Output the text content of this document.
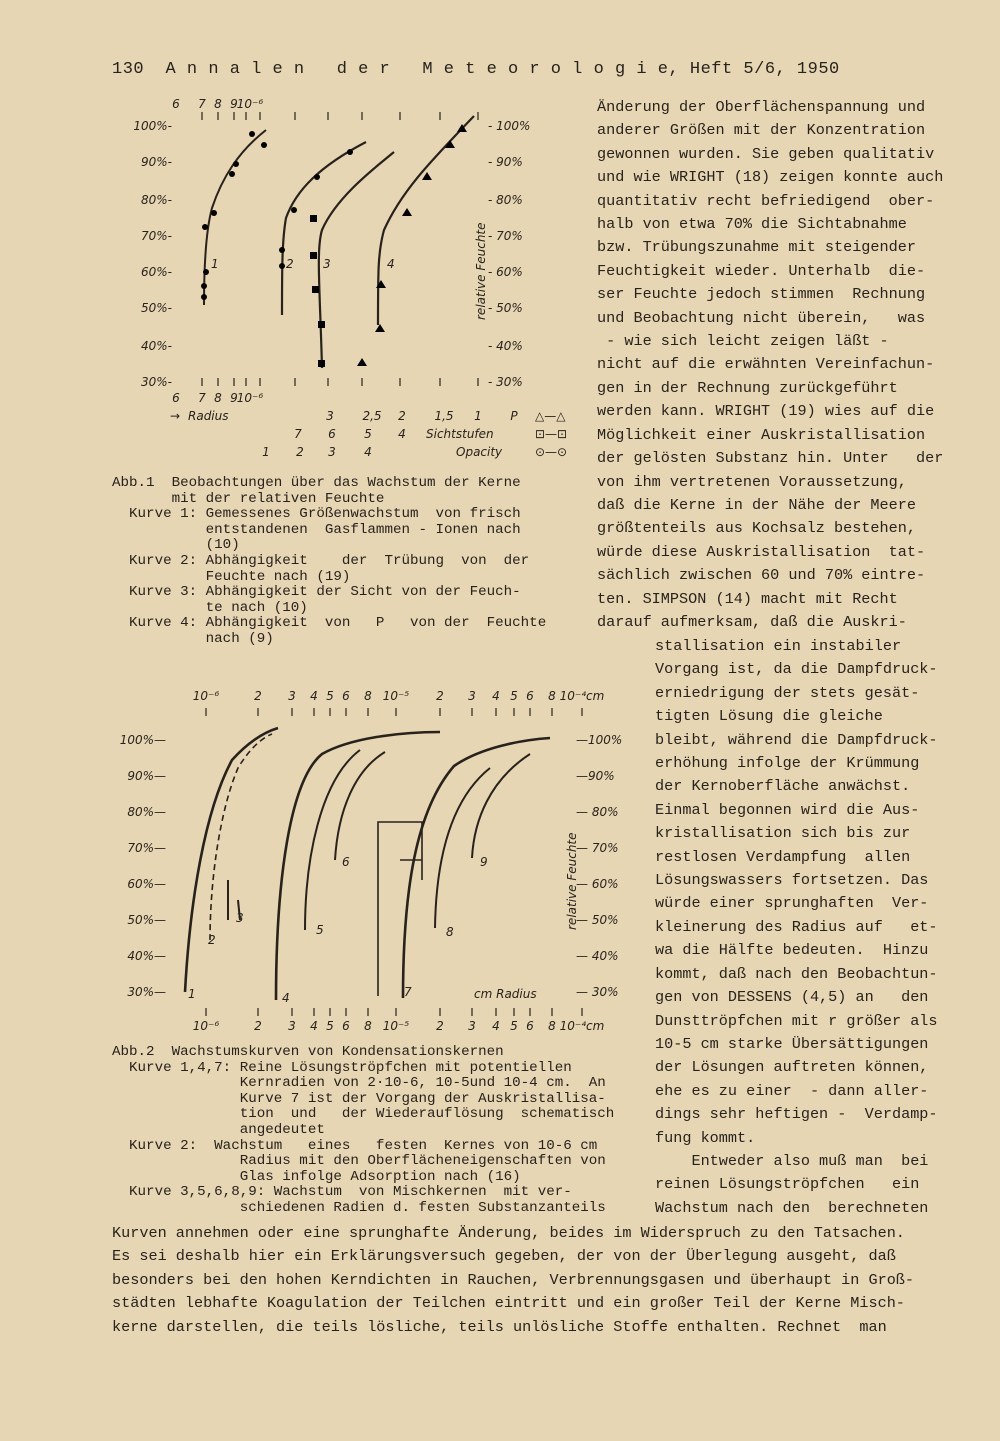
130 A n n a l e n   d e r   M e t e o r o l o g i e, Heft 5/6, 1950
100%-
90%-
80%-
70%-
60%-
50%-
40%-
30%-
- 100%
- 90%
- 80%
- 70%
- 60%
- 50%
- 40%
- 30%
6 7 8 9
10⁻⁶
6 7 8 9
10⁻⁶
1	2 3	4	relative Feuchte
→ Radius	3 2,5 2 1,5 1 P △—△
7 6 5 4 Sichtstufen	⊡—⊡
1 2 3 4	Opacity	⊙—⊙
Abb.1  Beobachtungen über das Wachstum der Kerne
mit der relativen Feuchte
Kurve 1: Gemessenes Größenwachstum  von frisch
entstandenen  Gasflammen - Ionen nach
(10)
Kurve 2: Abhängigkeit    der  Trübung  von  der
Feuchte nach (19)
Kurve 3: Abhängigkeit der Sicht von der Feuch-
te nach (10)
Kurve 4: Abhängigkeit  von   P   von der  Feuchte
nach (9)
100%—
90%—
80%—
70%—
60%—
50%—
40%—
30%—
—100%
—90%
— 80%
— 70%
— 60%
— 50%
— 40%
— 30%
10⁻⁶	2 3 4 5 6 8 10⁻⁵ 2 3 4 5 6 8 10⁻⁴cm
10⁻⁶	2 3 4 5 6 8 10⁻⁵ 2 3 4 5 6 8 10⁻⁴cm
1
2
3
4
5
6
7
8
9	relative Feuchte
cm Radius
Abb.2  Wachstumskurven von Kondensationskernen
Kurve 1,4,7: Reine Lösungströpfchen mit potentiellen
Kernradien von 2·10-6, 10-5und 10-4 cm.  An
Kurve 7 ist der Vorgang der Auskristallisa-
tion  und   der Wiederauflösung  schematisch
angedeutet
Kurve 2:  Wachstum   eines   festen  Kernes von 10-6 cm
Radius mit den Oberflächeneigenschaften von
Glas infolge Adsorption nach (16)
Kurve 3,5,6,8,9: Wachstum  von Mischkernen  mit ver-
schiedenen Radien d. festen Substanzanteils
Änderung der Oberflächenspannung und
anderer Größen mit der Konzentration
gewonnen wurden. Sie geben qualitativ
und wie WRIGHT (18) zeigen konnte auch
quantitativ recht befriedigend  ober-
halb von etwa 70% die Sichtabnahme
bzw. Trübungszunahme mit steigender
Feuchtigkeit wieder. Unterhalb  die-
ser Feuchte jedoch stimmen  Rechnung
und Beobachtung nicht überein,   was
- wie sich leicht zeigen läßt -
nicht auf die erwähnten Vereinfachun-
gen in der Rechnung zurückgeführt
werden kann. WRIGHT (19) wies auf die
Möglichkeit einer Auskristallisation
der gelösten Substanz hin. Unter   der
von ihm vertretenen Voraussetzung,
daß die Kerne in der Nähe der Meere
größtenteils aus Kochsalz bestehen,
würde diese Auskristallisation  tat-
sächlich zwischen 60 und 70% eintre-
ten. SIMPSON (14) macht mit Recht
darauf aufmerksam, daß die Auskri-
stallisation ein instabiler
Vorgang ist, da die Dampfdruck-
erniedrigung der stets gesät-
tigten Lösung die gleiche
bleibt, während die Dampfdruck-
erhöhung infolge der Krümmung
der Kernoberfläche anwächst.
Einmal begonnen wird die Aus-
kristallisation sich bis zur
restlosen Verdampfung  allen
Lösungswassers fortsetzen. Das
würde einer sprunghaften  Ver-
kleinerung des Radius auf   et-
wa die Hälfte bedeuten.  Hinzu
kommt, daß nach den Beobachtun-
gen von DESSENS (4,5) an   den
Dunsttröpfchen mit r größer als
10-5 cm starke Übersättigungen
der Lösungen auftreten können,
ehe es zu einer  - dann aller-
dings sehr heftigen -  Verdamp-
fung kommt.
Entweder also muß man  bei
reinen Lösungströpfchen   ein
Wachstum nach den  berechneten
Kurven annehmen oder eine sprunghafte Änderung, beides im Widerspruch zu den Tatsachen.
Es sei deshalb hier ein Erklärungsversuch gegeben, der von der Überlegung ausgeht, daß
besonders bei den hohen Kerndichten in Rauchen, Verbrennungsgasen und überhaupt in Groß-
städten lebhafte Koagulation der Teilchen eintritt und ein großer Teil der Kerne Misch-
kerne darstellen, die teils lösliche, teils unlösliche Stoffe enthalten. Rechnet  man
